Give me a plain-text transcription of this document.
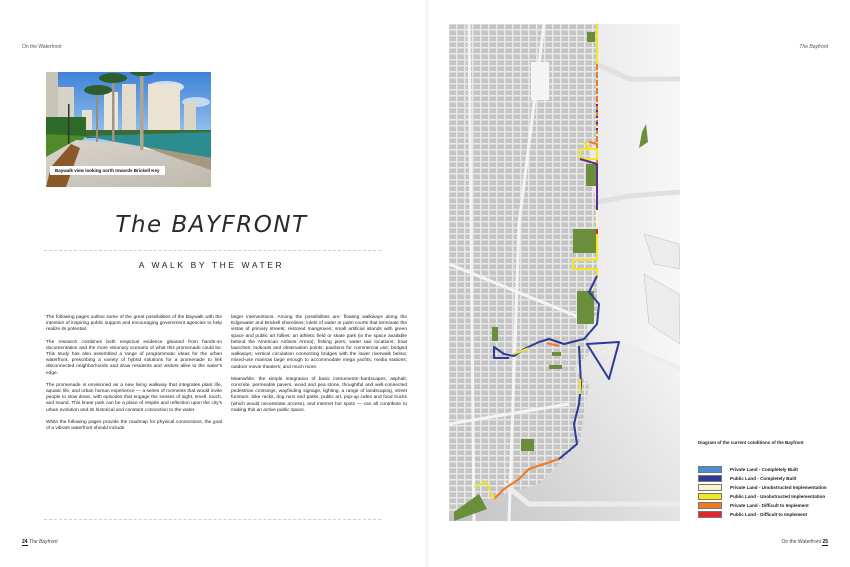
On the Waterfront	The Bayfront
Baywalk view looking north towards Brickell Key
The BAYFRONT
A WALK BY THE WATER

The following pages outline some of the great possibilities of the Baywalk with the intention of inspiring public support and encouraging government agencies to help realize its potential.

The research combines both empirical evidence gleaned from hands-on documentation and the more visionary scenario of what this promenade could be. This study has also assembled a range of programmatic ideas for the urban waterfront, prescribing a variety of hybrid solutions for a promenade to link disconnected neighborhoods and draw residents and visitors alike to the water's edge.

The promenade is envisioned as a new living walkway that integrates plant life, aquatic life, and urban human experience — a series of moments that would invite people to slow down, with episodes that engage the senses of sight, smell, touch, and sound. This linear park can be a place of respite and reflection upon the city's urban evolution and its historical and constant connection to the water.

While the following pages provide the roadmap for physical connections, the goal of a vibrant waterfront should include

larger interventions. Among the possibilities are: floating walkways along the Edgewater and Brickell shorelines; inlets of water or palm courts that terminate the vistas of primary streets; restored mangroves; small artificial islands with green space and public art follies; an athletic field or skate park (in the space available behind the American Airlines Arena); fishing piers; water taxi locations; boat launches; lookouts and observation points; pavilions for commercial use; bridged walkways; vertical circulation connecting bridges with the lower riverwalk below; mixed-use marinas large enough to accommodate mega yachts; media stations; outdoor movie theaters; and much more.

Meanwhile, the simple integration of basic instruments–hardscapes, asphalt, concrete, permeable pavers, wood and pea stone, thoughtful and well-connected pedestrian crossings, wayfinding signage, lighting, a range of landscaping, street furniture, bike racks, dog runs and parks, public art, pop-up cafes and food trucks (which would necessitate access), and internet hot spots — can all contribute to making this an active public space.

24 The Bayfront	On the Waterfront 25
Diagram of the current conditions of the Bayfront
Private Land - Completely Built
Public Land - Completely Built
Private Land - Unobstructed Implementation
Public Land - Unobstructed Implementation
Private Land - Difficult to Implement
Public Land - Difficult to Implement
